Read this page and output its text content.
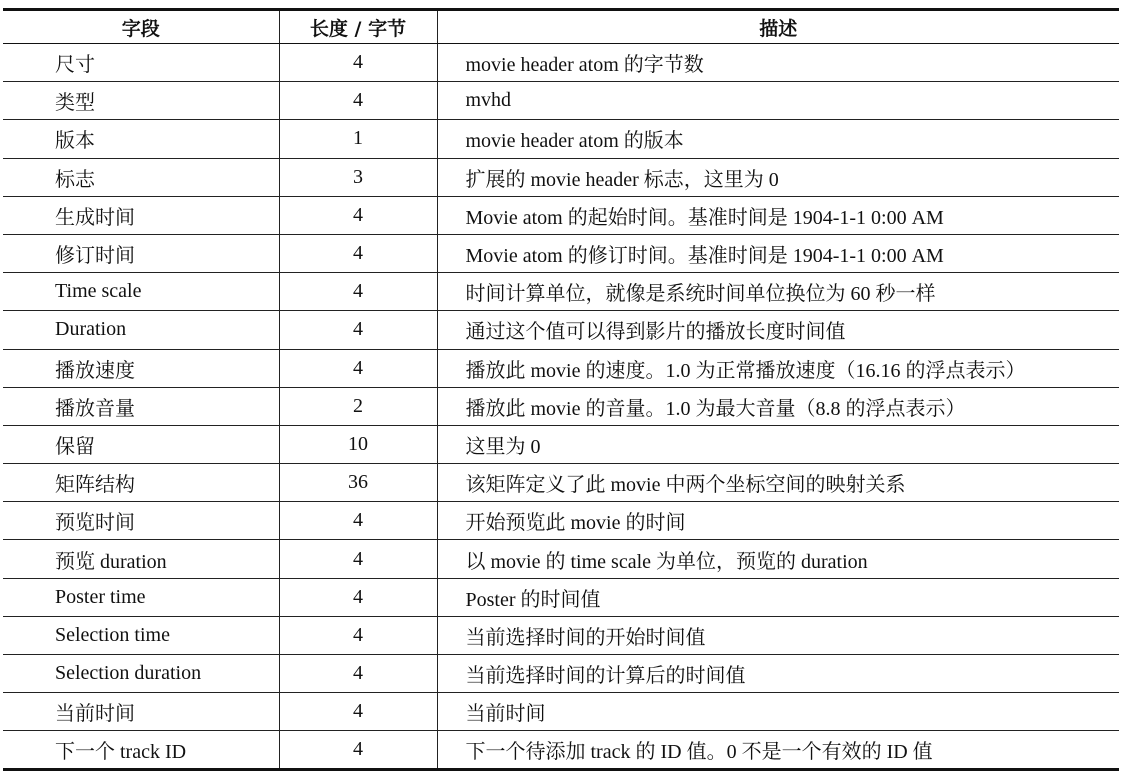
字段	长度 / 字节	描述
尺寸	4	movie header atom 的字节数
类型	4	mvhd
版本	1	movie header atom 的版本
标志	3	扩展的 movie header 标志，这里为 0
生成时间	4	Movie atom 的起始时间。基准时间是 1904-1-1 0:00 AM
修订时间	4	Movie atom 的修订时间。基准时间是 1904-1-1 0:00 AM
Time scale	4	时间计算单位，就像是系统时间单位换位为 60 秒一样
Duration	4	通过这个值可以得到影片的播放长度时间值
播放速度	4	播放此 movie 的速度。1.0 为正常播放速度（16.16 的浮点表示）
播放音量	2	播放此 movie 的音量。1.0 为最大音量（8.8 的浮点表示）
保留	10	这里为 0
矩阵结构	36	该矩阵定义了此 movie 中两个坐标空间的映射关系
预览时间	4	开始预览此 movie 的时间
预览 duration	4	以 movie 的 time scale 为单位，预览的 duration
Poster time	4	Poster 的时间值
Selection time	4	当前选择时间的开始时间值
Selection duration	4	当前选择时间的计算后的时间值
当前时间	4	当前时间
下一个 track ID	4	下一个待添加 track 的 ID 值。0 不是一个有效的 ID 值
